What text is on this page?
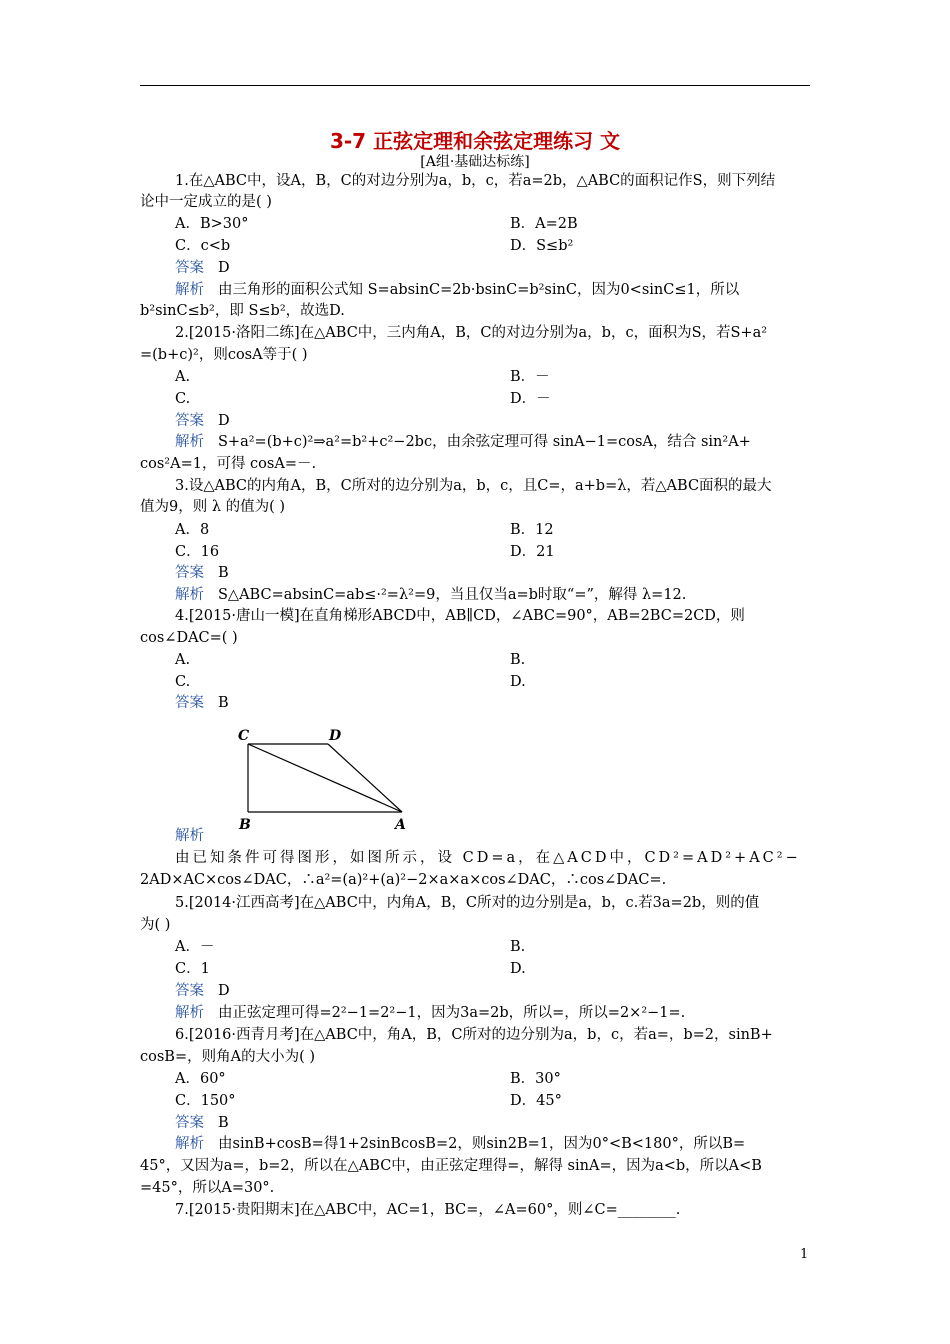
3-7 正弦定理和余弦定理练习 文
[A组·基础达标练]
1.在△ABC中，设A，B，C的对边分别为a，b，c，若a=2b，△ABC的面积记作S，则下列结
论中一定成立的是( )
A．B>30°	B．A=2B
C．c<b	D．S≤b²
答案 D
解析 由三角形的面积公式知 S=absinC=2b·bsinC=b²sinC，因为0<sinC≤1，所以
b²sinC≤b²，即 S≤b²，故选D.
2.[2015·洛阳二练]在△ABC中，三内角A，B，C的对边分别为a，b，c，面积为S，若S+a²
=(b+c)²，则cosA等于( )
A.	B．－
C.	D．－
答案 D
解析 S+a²=(b+c)²⇒a²=b²+c²−2bc，由余弦定理可得 sinA−1=cosA，结合 sin²A+
cos²A=1，可得 cosA=－.
3.设△ABC的内角A，B，C所对的边分别为a，b，c，且C=，a+b=λ，若△ABC面积的最大
值为9，则 λ 的值为( )
A．8	B．12
C．16	D．21
答案 B
解析 S△ABC=absinC=ab≤·²=λ²=9，当且仅当a=b时取“=”，解得 λ=12.
4.[2015·唐山一模]在直角梯形ABCD中，AB∥CD，∠ABC=90°，AB=2BC=2CD，则
cos∠DAC=( )
A.	B.
C.	D.
答案 B
C	D
B	A
解析
由已知条件可得图形，如图所示，设 CD=a，在△ACD中，CD²=AD²+AC²−
2AD×AC×cos∠DAC，∴a²=(a)²+(a)²−2×a×a×cos∠DAC，∴cos∠DAC=.
5.[2014·江西高考]在△ABC中，内角A，B，C所对的边分别是a，b，c.若3a=2b，则的值
为( )
A．－	B.
C．1	D.
答案 D
解析 由正弦定理可得=2²−1=2²−1，因为3a=2b，所以=，所以=2×²−1=.
6.[2016·西青月考]在△ABC中，角A，B，C所对的边分别为a，b，c，若a=，b=2，sinB+
cosB=，则角A的大小为( )
A．60°	B．30°
C．150°	D．45°
答案 B
解析 由sinB+cosB=得1+2sinBcosB=2，则sin2B=1，因为0°<B<180°，所以B=
45°，又因为a=，b=2，所以在△ABC中，由正弦定理得=，解得 sinA=，因为a<b，所以A<B
=45°，所以A=30°.
7.[2015·贵阳期末]在△ABC中，AC=1，BC=，∠A=60°，则∠C=________.
1
